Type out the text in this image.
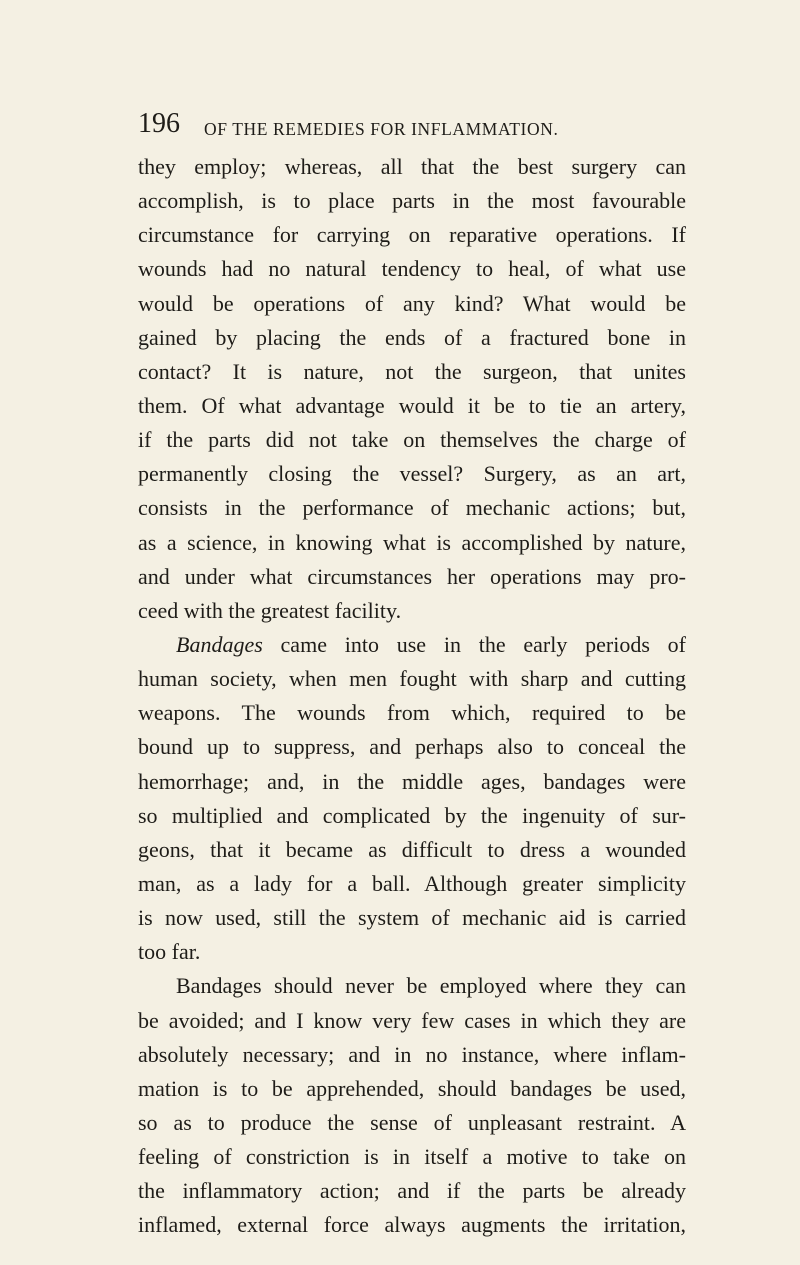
196 OF THE REMEDIES FOR INFLAMMATION.
they employ; whereas, all that the best surgery can
accomplish, is to place parts in the most favourable
circumstance for carrying on reparative operations. If
wounds had no natural tendency to heal, of what use
would be operations of any kind? What would be
gained by placing the ends of a fractured bone in
contact? It is nature, not the surgeon, that unites
them. Of what advantage would it be to tie an artery,
if the parts did not take on themselves the charge of
permanently closing the vessel? Surgery, as an art,
consists in the performance of mechanic actions; but,
as a science, in knowing what is accomplished by nature,
and under what circumstances her operations may pro-
ceed with the greatest facility.
Bandages came into use in the early periods of
human society, when men fought with sharp and cutting
weapons. The wounds from which, required to be
bound up to suppress, and perhaps also to conceal the
hemorrhage; and, in the middle ages, bandages were
so multiplied and complicated by the ingenuity of sur-
geons, that it became as difficult to dress a wounded
man, as a lady for a ball. Although greater simplicity
is now used, still the system of mechanic aid is carried
too far.
Bandages should never be employed where they can
be avoided; and I know very few cases in which they are
absolutely necessary; and in no instance, where inflam-
mation is to be apprehended, should bandages be used,
so as to produce the sense of unpleasant restraint. A
feeling of constriction is in itself a motive to take on
the inflammatory action; and if the parts be already
inflamed, external force always augments the irritation,
